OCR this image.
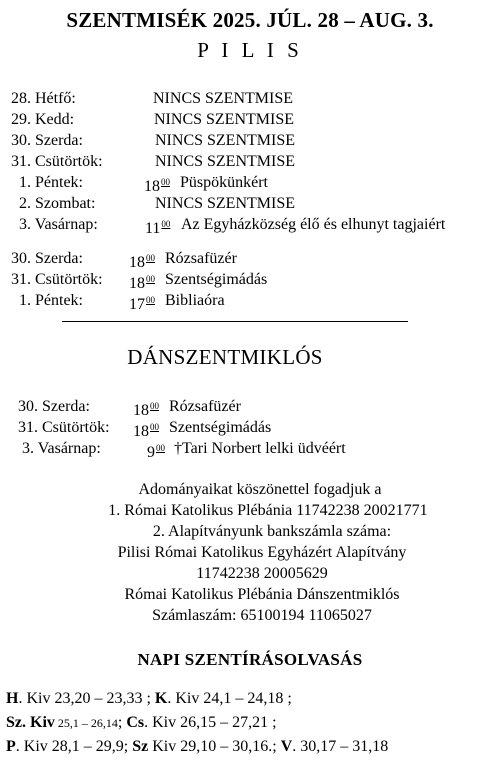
SZENTMISÉK 2025. JÚL. 28 – AUG. 3.
P I L I S
28. Hétfő:	NINCS SZENTMISE
29. Kedd:	NINCS SZENTMISE
30. Szerda:	NINCS SZENTMISE
31. Csütörtök:	NINCS SZENTMISE
1. Péntek:	$18^{00}$ Püspökünkért
2. Szombat:	NINCS SZENTMISE
3. Vasárnap:	$11^{00}$ Az Egyházközség élő és elhunyt tagjaiért
30. Szerda:	$18^{00}$ Rózsafüzér
31. Csütörtök: $18^{00}$ Szentségimádás
1. Péntek:	$17^{00}$ Bibliaóra
DÁNSZENTMIKLÓS
30. Szerda:	$18^{00}$ Rózsafüzér
31. Csütörtök: $18^{00}$ Szentségimádás
3. Vasárnap:	$9^{00}$ †Tari Norbert lelki üdvéért
Adományaikat köszönettel fogadjuk a
1. Római Katolikus Plébánia 11742238 20021771
2. Alapítványunk bankszámla száma:
Pilisi Római Katolikus Egyházért Alapítvány
11742238 20005629
Római Katolikus Plébánia Dánszentmiklós
Számlaszám: 65100194 11065027
NAPI SZENTÍRÁSOLVASÁS
H. Kiv 23,20 – 23,33 ; K. Kiv 24,1 – 24,18 ;
Sz. Kiv 25,1 – 26,14; Cs. Kiv 26,15 – 27,21 ;
P. Kiv 28,1 – 29,9; Sz Kiv 29,10 – 30,16.; V. 30,17 – 31,18
